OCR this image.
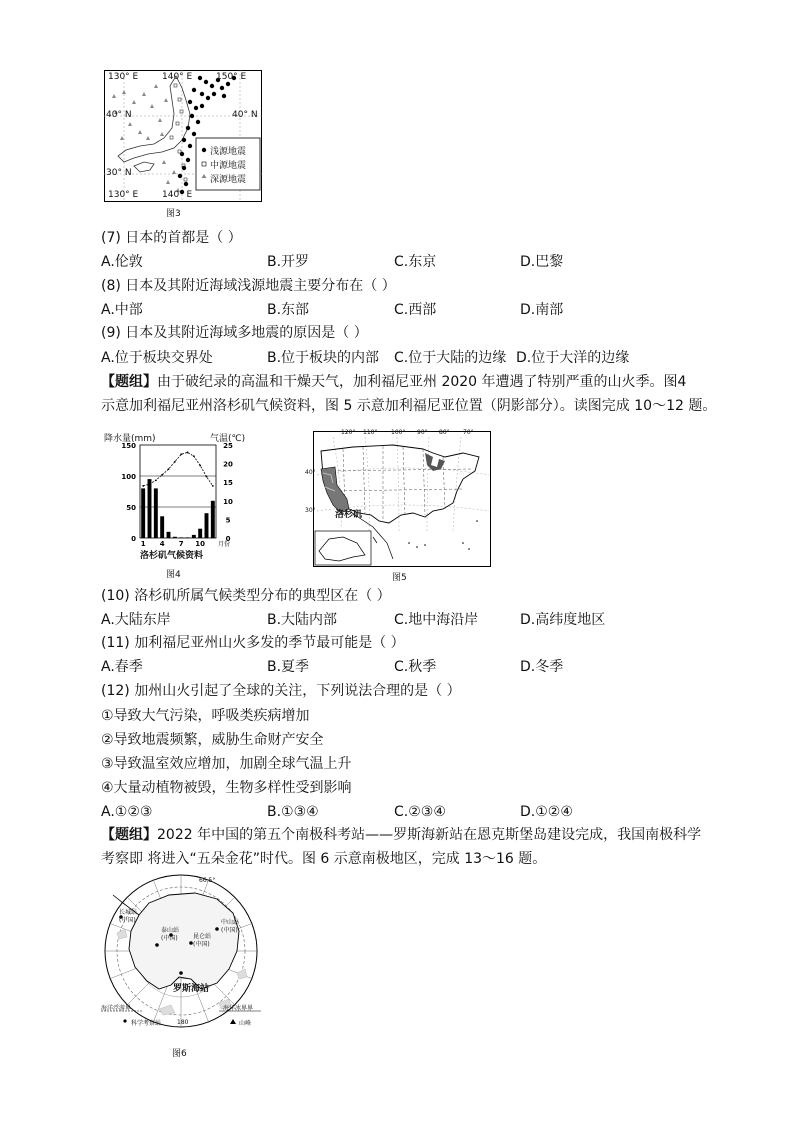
130° E	140° E	150° E
40° N	40° N
30° N
130° E	140° E
浅源地震
中源地震
深源地震
图3
(7) 日本的首都是（ ）
A.伦敦	B.开罗	C.东京	D.巴黎
(8) 日本及其附近海域浅源地震主要分布在（ ）
A.中部	B.东部	C.西部	D.南部
(9) 日本及其附近海域多地震的原因是（ ）
A.位于板块交界处	B.位于板块的内部 C.位于大陆的边缘 D.位于大洋的边缘
【题组】由于破纪录的高温和干燥天气，加利福尼亚州 2020 年遭遇了特别严重的山火季。图4
示意加利福尼亚州洛杉矶气候资料，图 5 示意加利福尼亚位置（阴影部分）。读图完成 10～12 题。
150
100
50
0
25
20
15
10
5
0
1 4 7 10 月份
降水量(mm)	气温(℃)
洛杉矶气候资料
图4
120° 110° 100° 90° 80° 70°
40°
30° 洛杉矶
图5
(10) 洛杉矶所属气候类型分布的典型区在（ ）
A.大陆东岸	B.大陆内部	C.地中海沿岸	D.高纬度地区
(11) 加利福尼亚州山火多发的季节最可能是（ ）
A.春季	B.夏季	C.秋季	D.冬季
(12) 加州山火引起了全球的关注，下列说法合理的是（ ）
①导致大气污染，呼吸类疾病增加
②导致地震频繁，威胁生命财产安全
③导致温室效应增加，加剧全球气温上升
④大量动植物被毁，生物多样性受到影响
A.①②③	B.①③④	C.②③④	D.①②④
【题组】2022 年中国的第五个南极科考站——罗斯海新站在恩克斯堡岛建设完成，我国南极科学
考察即 将进入“五朵金花”时代。图 6 示意南极地区，完成 13～16 题。
长城站
(中国)	中山站
(中国)
昆仑站
(中国)
泰山站
(中国)
罗斯海站
66.5°
180
海洋浮游界	海洋冰界界
科学考察站	山峰
图6
